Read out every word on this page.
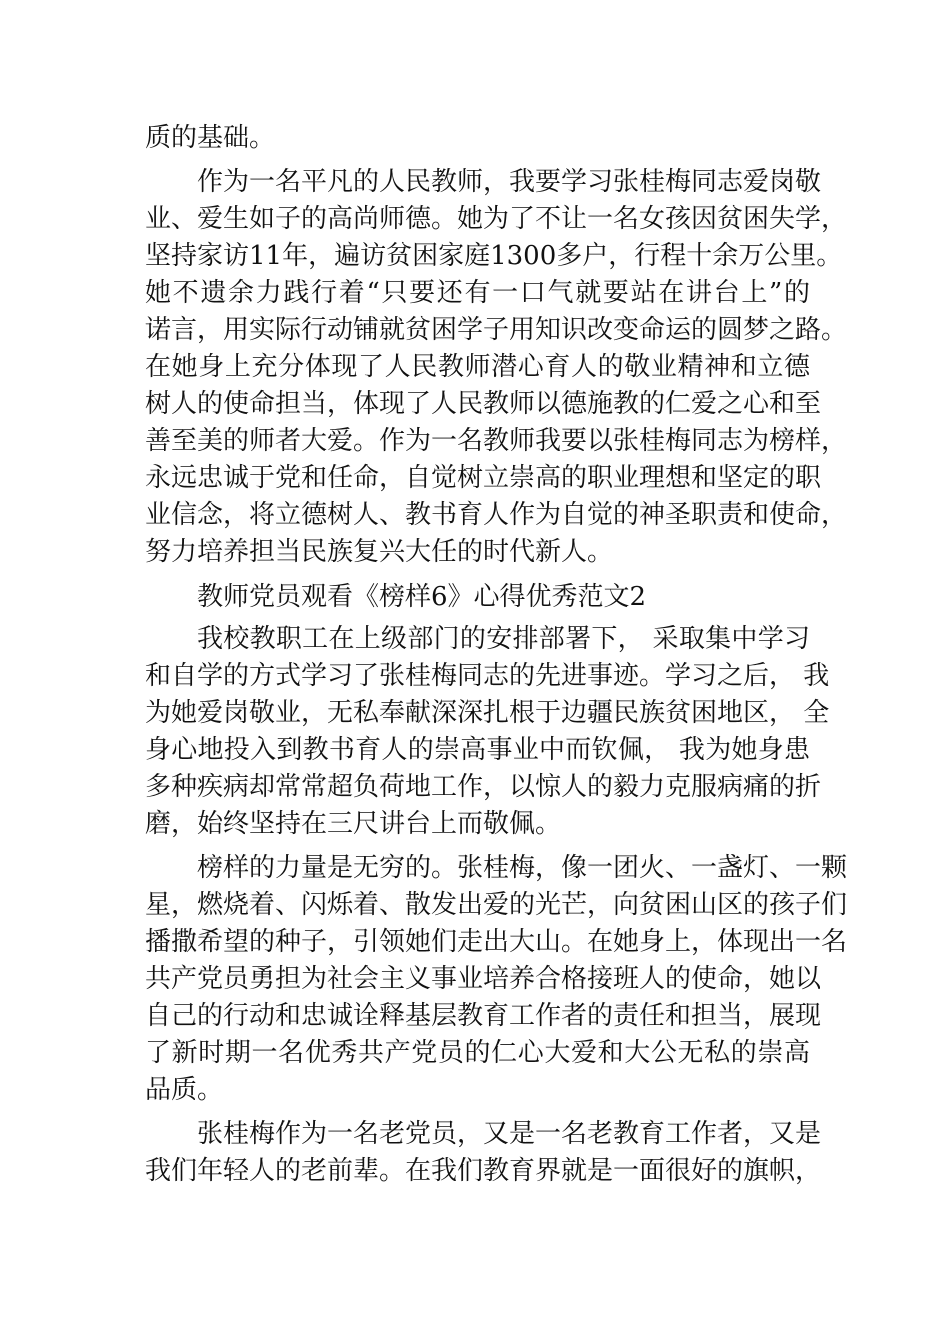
质的基础。
作为一名平凡的人民教师，我要学习张桂梅同志爱岗敬
业、爱生如子的高尚师德。她为了不让一名女孩因贫困失学，
坚持家访11年，遍访贫困家庭1300多户，行程十余万公里。
她不遗余力践行着“只要还有一口气就要站在讲台上”的
诺言，用实际行动铺就贫困学子用知识改变命运的圆梦之路。
在她身上充分体现了人民教师潜心育人的敬业精神和立德
树人的使命担当，体现了人民教师以德施教的仁爱之心和至
善至美的师者大爱。作为一名教师我要以张桂梅同志为榜样，
永远忠诚于党和任命，自觉树立崇高的职业理想和坚定的职
业信念，将立德树人、教书育人作为自觉的神圣职责和使命，
努力培养担当民族复兴大任的时代新人。
教师党员观看《榜样6》心得优秀范文2
我校教职工在上级部门的安排部署下， 采取集中学习
和自学的方式学习了张桂梅同志的先进事迹。学习之后， 我
为她爱岗敬业，无私奉献深深扎根于边疆民族贫困地区， 全
身心地投入到教书育人的崇高事业中而钦佩， 我为她身患
多种疾病却常常超负荷地工作，以惊人的毅力克服病痛的折
磨，始终坚持在三尺讲台上而敬佩。
榜样的力量是无穷的。张桂梅，像一团火、一盏灯、一颗
星，燃烧着、闪烁着、散发出爱的光芒，向贫困山区的孩子们
播撒希望的种子，引领她们走出大山。在她身上，体现出一名
共产党员勇担为社会主义事业培养合格接班人的使命，她以
自己的行动和忠诚诠释基层教育工作者的责任和担当，展现
了新时期一名优秀共产党员的仁心大爱和大公无私的崇高
品质。
张桂梅作为一名老党员，又是一名老教育工作者，又是
我们年轻人的老前辈。在我们教育界就是一面很好的旗帜，
